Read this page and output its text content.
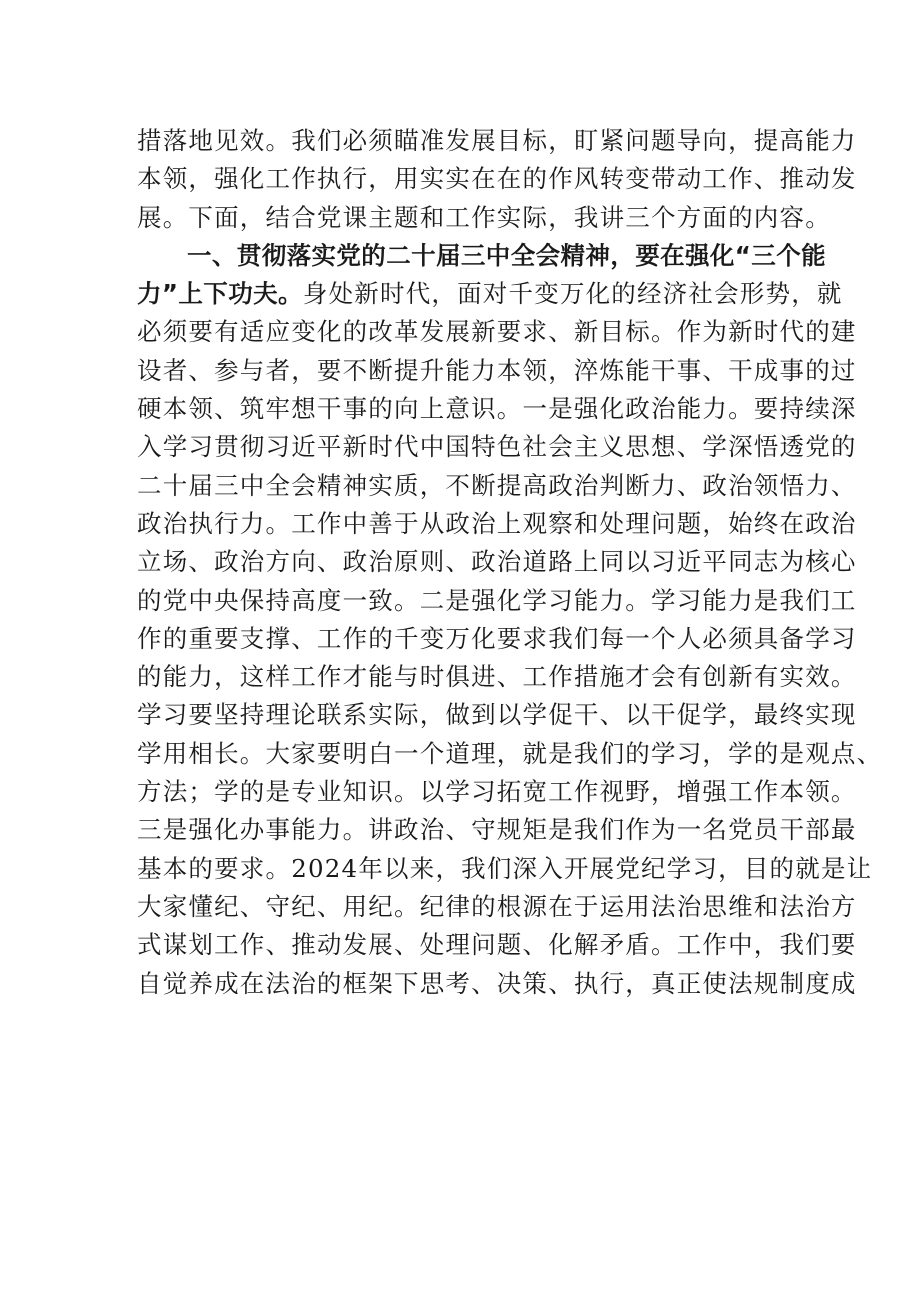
措落地见效。我们必须瞄准发展目标，盯紧问题导向，提高能力
本领，强化工作执行，用实实在在的作风转变带动工作、推动发
展。下面，结合党课主题和工作实际，我讲三个方面的内容。
一、贯彻落实党的二十届三中全会精神，要在强化“三个能
力”上下功夫。身处新时代，面对千变万化的经济社会形势，就
必须要有适应变化的改革发展新要求、新目标。作为新时代的建
设者、参与者，要不断提升能力本领，淬炼能干事、干成事的过
硬本领、筑牢想干事的向上意识。一是强化政治能力。要持续深
入学习贯彻习近平新时代中国特色社会主义思想、学深悟透党的
二十届三中全会精神实质，不断提高政治判断力、政治领悟力、
政治执行力。工作中善于从政治上观察和处理问题，始终在政治
立场、政治方向、政治原则、政治道路上同以习近平同志为核心
的党中央保持高度一致。二是强化学习能力。学习能力是我们工
作的重要支撑、工作的千变万化要求我们每一个人必须具备学习
的能力，这样工作才能与时俱进、工作措施才会有创新有实效。
学习要坚持理论联系实际，做到以学促干、以干促学，最终实现
学用相长。大家要明白一个道理，就是我们的学习，学的是观点、
方法；学的是专业知识。以学习拓宽工作视野，增强工作本领。
三是强化办事能力。讲政治、守规矩是我们作为一名党员干部最
基本的要求。2024年以来，我们深入开展党纪学习，目的就是让
大家懂纪、守纪、用纪。纪律的根源在于运用法治思维和法治方
式谋划工作、推动发展、处理问题、化解矛盾。工作中，我们要
自觉养成在法治的框架下思考、决策、执行，真正使法规制度成
